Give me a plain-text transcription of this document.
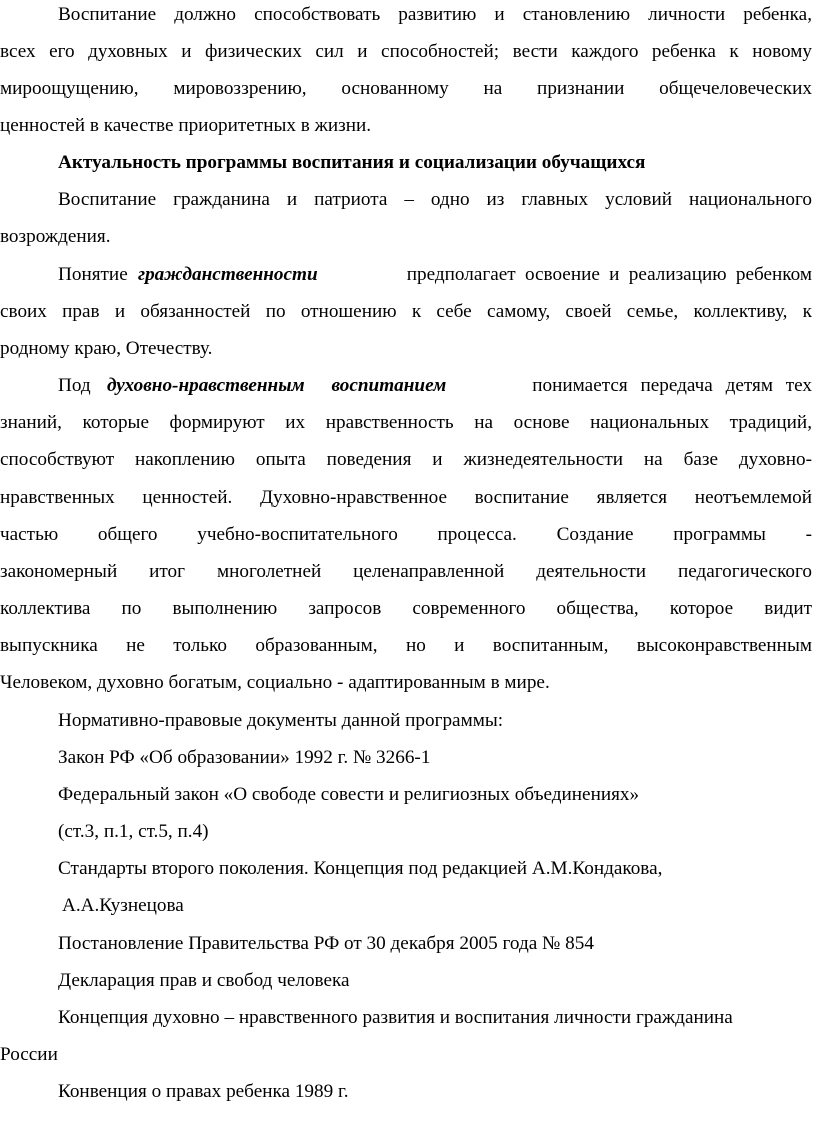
Воспитание должно способствовать развитию и становлению личности ребенка,
всех его духовных и физических сил и способностей; вести каждого ребенка к новому
мироощущению, мировоззрению, основанному на признании общечеловеческих
ценностей в качестве приоритетных в жизни.
Актуальность программы воспитания и социализации обучащихся
Воспитание гражданина и патриота – одно из главных условий национального
возрождения.
Понятие гражданственности	предполагает освоение и реализацию ребенком
своих прав и обязанностей по отношению к себе самому, своей семье, коллективу, к
родному краю, Отечеству.
Под духовно-нравственным воспитанием	понимается передача детям тех
знаний, которые формируют их нравственность на основе национальных традиций,
способствуют накоплению опыта поведения и жизнедеятельности на базе духовно-
нравственных ценностей. Духовно-нравственное воспитание является неотъемлемой
частью общего учебно-воспитательного процесса. Создание программы -
закономерный итог многолетней целенаправленной деятельности педагогического
коллектива по выполнению запросов современного общества, которое видит
выпускника не только образованным, но и воспитанным, высоконравственным
Человеком, духовно богатым, социально - адаптированным в мире.
Нормативно-правовые документы данной программы:
Закон РФ «Об образовании» 1992 г. № 3266-1
Федеральный закон «О свободе совести и религиозных объединениях»
(ст.3, п.1, ст.5, п.4)
Стандарты второго поколения. Концепция под редакцией А.М.Кондакова,
А.А.Кузнецова
Постановление Правительства РФ от 30 декабря 2005 года № 854
Декларация прав и свобод человека
Концепция духовно – нравственного развития и воспитания личности гражданина
России
Конвенция о правах ребенка 1989 г.
